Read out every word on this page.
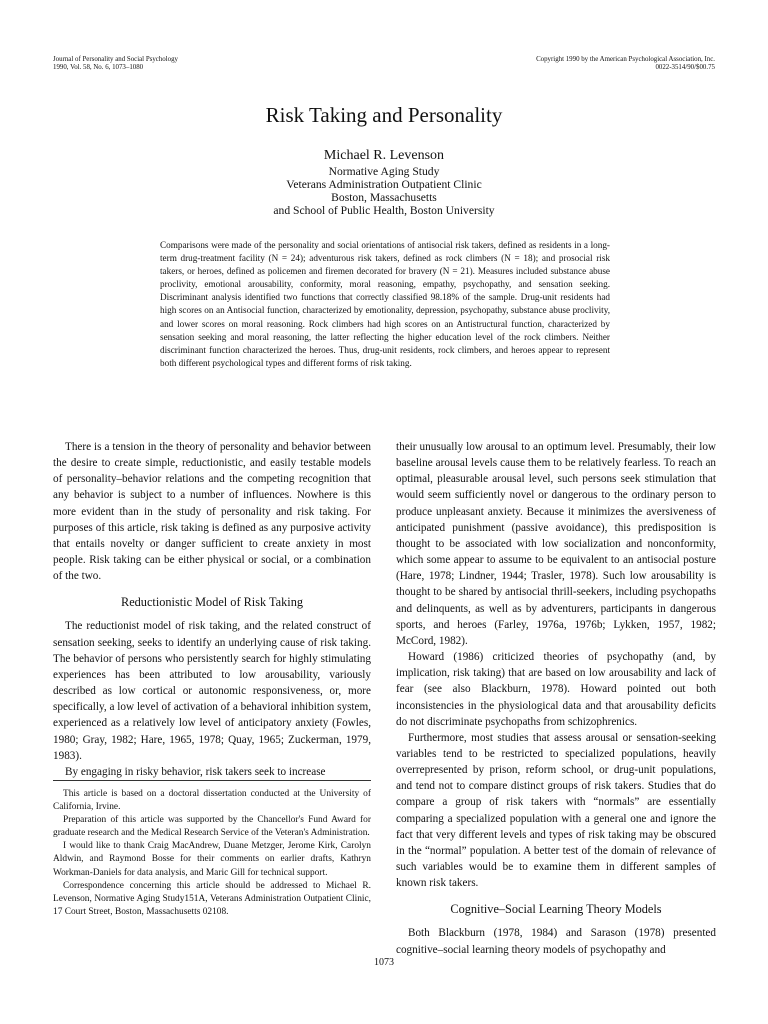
Journal of Personality and Social Psychology
1990, Vol. 58, No. 6, 1073–1080
Copyright 1990 by the American Psychological Association, Inc.
0022-3514/90/$00.75
Risk Taking and Personality
Michael R. Levenson
Normative Aging Study
Veterans Administration Outpatient Clinic
Boston, Massachusetts
and School of Public Health, Boston University
Comparisons were made of the personality and social orientations of antisocial risk takers, defined as residents in a long-term drug-treatment facility (N = 24); adventurous risk takers, defined as rock climbers (N = 18); and prosocial risk takers, or heroes, defined as policemen and firemen decorated for bravery (N = 21). Measures included substance abuse proclivity, emotional arousability, conformity, moral reasoning, empathy, psychopathy, and sensation seeking. Discriminant analysis identified two functions that correctly classified 98.18% of the sample. Drug-unit residents had high scores on an Antisocial function, characterized by emotionality, depression, psychopathy, substance abuse proclivity, and lower scores on moral reasoning. Rock climbers had high scores on an Antistructural function, characterized by sensation seeking and moral reasoning, the latter reflecting the higher education level of the rock climbers. Neither discriminant function characterized the heroes. Thus, drug-unit residents, rock climbers, and heroes appear to represent both different psychological types and different forms of risk taking.

There is a tension in the theory of personality and behavior between the desire to create simple, reductionistic, and easily testable models of personality–behavior relations and the competing recognition that any behavior is subject to a number of influences. Nowhere is this more evident than in the study of personality and risk taking. For purposes of this article, risk taking is defined as any purposive activity that entails novelty or danger sufficient to create anxiety in most people. Risk taking can be either physical or social, or a combination of the two.

Reductionistic Model of Risk Taking

The reductionist model of risk taking, and the related construct of sensation seeking, seeks to identify an underlying cause of risk taking. The behavior of persons who persistently search for highly stimulating experiences has been attributed to low arousability, variously described as low cortical or autonomic responsiveness, or, more specifically, a low level of activation of a behavioral inhibition system, experienced as a relatively low level of anticipatory anxiety (Fowles, 1980; Gray, 1982; Hare, 1965, 1978; Quay, 1965; Zuckerman, 1979, 1983).

By engaging in risky behavior, risk takers seek to increase

This article is based on a doctoral dissertation conducted at the University of California, Irvine.

Preparation of this article was supported by the Chancellor's Fund Award for graduate research and the Medical Research Service of the Veteran's Administration.

I would like to thank Craig MacAndrew, Duane Metzger, Jerome Kirk, Carolyn Aldwin, and Raymond Bosse for their comments on earlier drafts, Kathryn Workman-Daniels for data analysis, and Maric Gill for technical support.

Correspondence concerning this article should be addressed to Michael R. Levenson, Normative Aging Study151A, Veterans Administration Outpatient Clinic, 17 Court Street, Boston, Massachusetts 02108.

their unusually low arousal to an optimum level. Presumably, their low baseline arousal levels cause them to be relatively fearless. To reach an optimal, pleasurable arousal level, such persons seek stimulation that would seem sufficiently novel or dangerous to the ordinary person to produce unpleasant anxiety. Because it minimizes the aversiveness of anticipated punishment (passive avoidance), this predisposition is thought to be associated with low socialization and nonconformity, which some appear to assume to be equivalent to an antisocial posture (Hare, 1978; Lindner, 1944; Trasler, 1978). Such low arousability is thought to be shared by antisocial thrill-seekers, including psychopaths and delinquents, as well as by adventurers, participants in dangerous sports, and heroes (Farley, 1976a, 1976b; Lykken, 1957, 1982; McCord, 1982).

Howard (1986) criticized theories of psychopathy (and, by implication, risk taking) that are based on low arousability and lack of fear (see also Blackburn, 1978). Howard pointed out both inconsistencies in the physiological data and that arousability deficits do not discriminate psychopaths from schizophrenics.

Furthermore, most studies that assess arousal or sensation-seeking variables tend to be restricted to specialized populations, heavily overrepresented by prison, reform school, or drug-unit populations, and tend not to compare distinct groups of risk takers. Studies that do compare a group of risk takers with “normals” are essentially comparing a specialized population with a general one and ignore the fact that very different levels and types of risk taking may be obscured in the “normal” population. A better test of the domain of relevance of such variables would be to examine them in different samples of known risk takers.

Cognitive–Social Learning Theory Models

Both Blackburn (1978, 1984) and Sarason (1978) presented cognitive–social learning theory models of psychopathy and

1073
